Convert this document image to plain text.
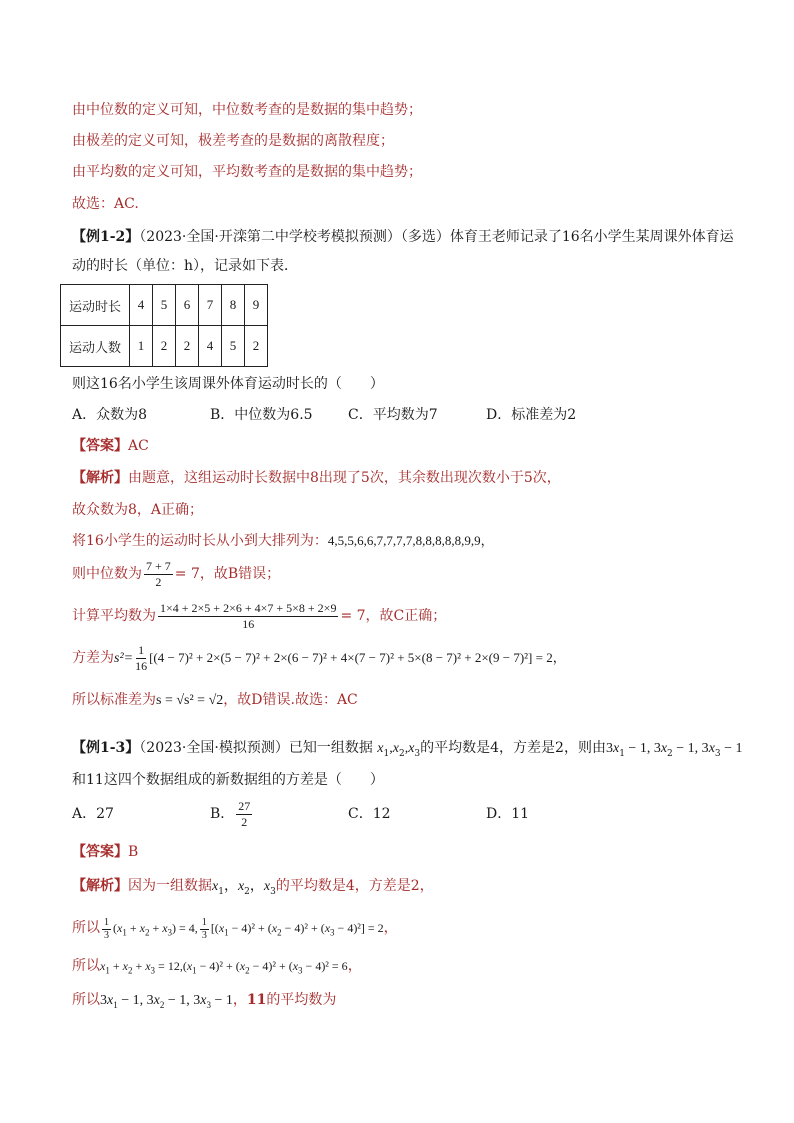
由中位数的定义可知，中位数考查的是数据的集中趋势；
由极差的定义可知，极差考查的是数据的离散程度；
由平均数的定义可知，平均数考查的是数据的集中趋势；
故选：AC.
【例1-2】（2023·全国·开滦第二中学校考模拟预测）（多选）体育王老师记录了16名小学生某周课外体育运
动的时长（单位：h），记录如下表．
运动时长	4	5	6	7	8	9
运动人数	1	2	2	4	5	2
则这16名小学生该周课外体育运动时长的（　　）
A．众数为8	B．中位数为6.5	C．平均数为7	D．标准差为2
【答案】AC
【解析】由题意，这组运动时长数据中8出现了5次，其余数出现次数小于5次，
故众数为8，A正确；
将16小学生的运动时长从小到大排列为：4,5,5,6,6,7,7,7,7,8,8,8,8,8,9,9，
则中位数为 $\frac{7 + 7}{2} = 7$，故B错误；
计算平均数为 $\frac{1\times 4 + 2\times 5 + 2\times 6 + 4\times 7 + 5\times 8 + 2\times 9}{16} = 7$，故C正确；
方差为$s^2= \frac{1}{16} [(4 - 7)^2 + 2\times(5 - 7)^2 + 2\times(6 - 7)^2 + 4\times(7 - 7)^2 + 5\times(8 - 7)^2 + 2\times(9 - 7)^2] = 2$，
所以标准差为s = √s² = √2，故D错误.故选：AC
【例1-3】（2023·全国·模拟预测）已知一组数据 $x_1,x_2,x_3$的平均数是4，方差是2，则由$3x_1 - 1$, $3x_2 - 1$, $3x_3 - 1$
和11这四个数据组成的新数据组的方差是（　　）
A．27	B． $\frac{27}{2}$	C．12	D．11
【答案】B
【解析】因为一组数据$x_1$，$x_2$，$x_3$的平均数是4，方差是2，
所以 $\frac{1}{3} (x_1 + x_2 + x_3) = 4$, $\frac{1}{3} [(x_1 - 4)^2 + (x_2 - 4)^2 + (x_3 - 4)^2] = 2$，
所以$x_1 + x_2 + x_3 = 12,(x_1 - 4)^2 + (x_2 - 4)^2 + (x_3 - 4)^2 = 6$，
所以$3x_1 - 1$, $3x_2 - 1$, $3x_3 - 1$，11的平均数为
